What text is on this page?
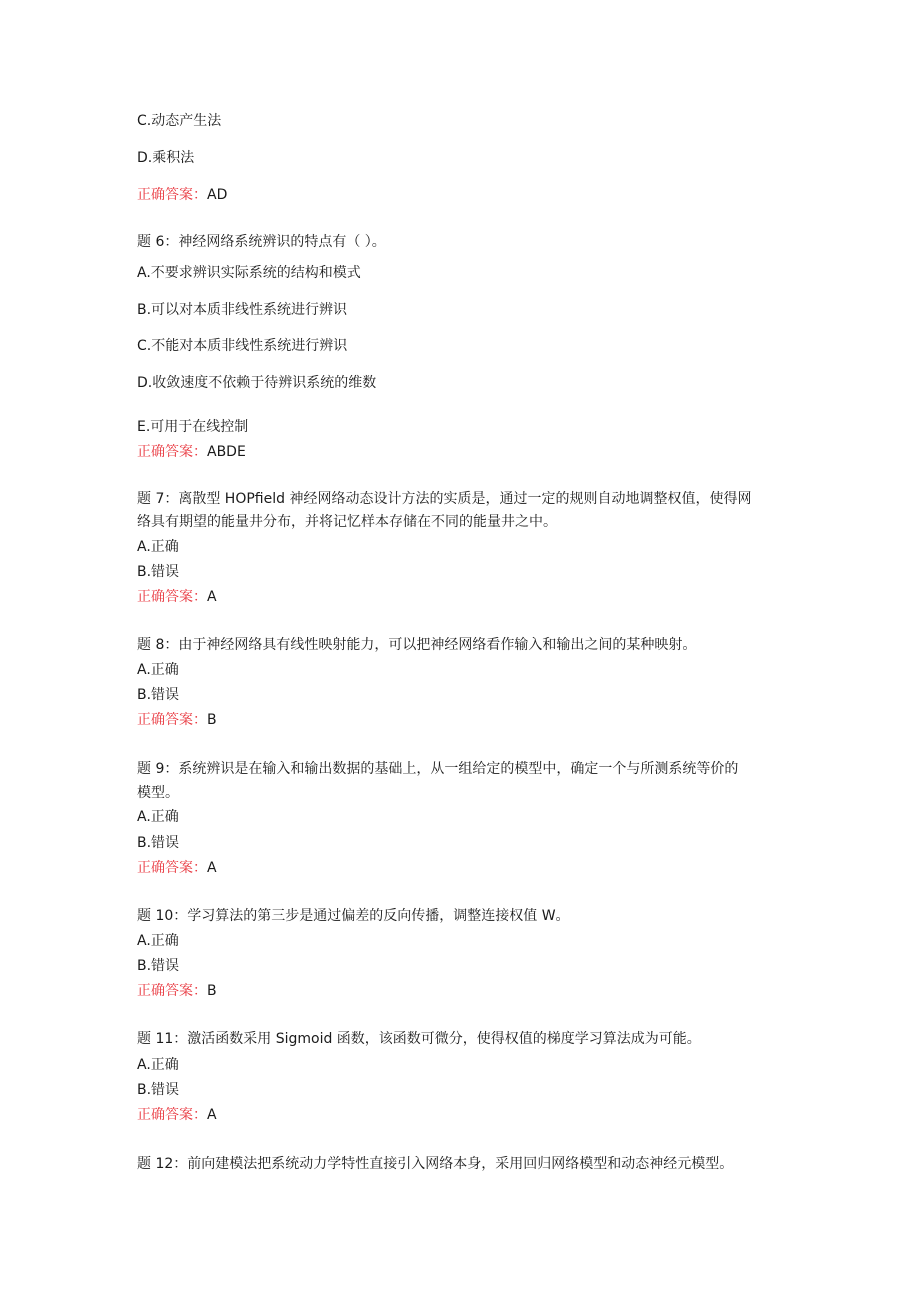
C.动态产生法
D.乘积法
正确答案：AD
题 6：神经网络系统辨识的特点有（ ）。
A.不要求辨识实际系统的结构和模式
B.可以对本质非线性系统进行辨识
C.不能对本质非线性系统进行辨识
D.收敛速度不依赖于待辨识系统的维数
E.可用于在线控制
正确答案：ABDE
题 7：离散型 HOPfield 神经网络动态设计方法的实质是，通过一定的规则自动地调整权值，使得网
络具有期望的能量井分布，并将记忆样本存储在不同的能量井之中。
A.正确
B.错误
正确答案：A
题 8：由于神经网络具有线性映射能力，可以把神经网络看作输入和输出之间的某种映射。
A.正确
B.错误
正确答案：B
题 9：系统辨识是在输入和输出数据的基础上，从一组给定的模型中，确定一个与所测系统等价的
模型。
A.正确
B.错误
正确答案：A
题 10：学习算法的第三步是通过偏差的反向传播，调整连接权值 W。
A.正确
B.错误
正确答案：B
题 11：激活函数采用 Sigmoid 函数，该函数可微分，使得权值的梯度学习算法成为可能。
A.正确
B.错误
正确答案：A
题 12：前向建模法把系统动力学特性直接引入网络本身，采用回归网络模型和动态神经元模型。
